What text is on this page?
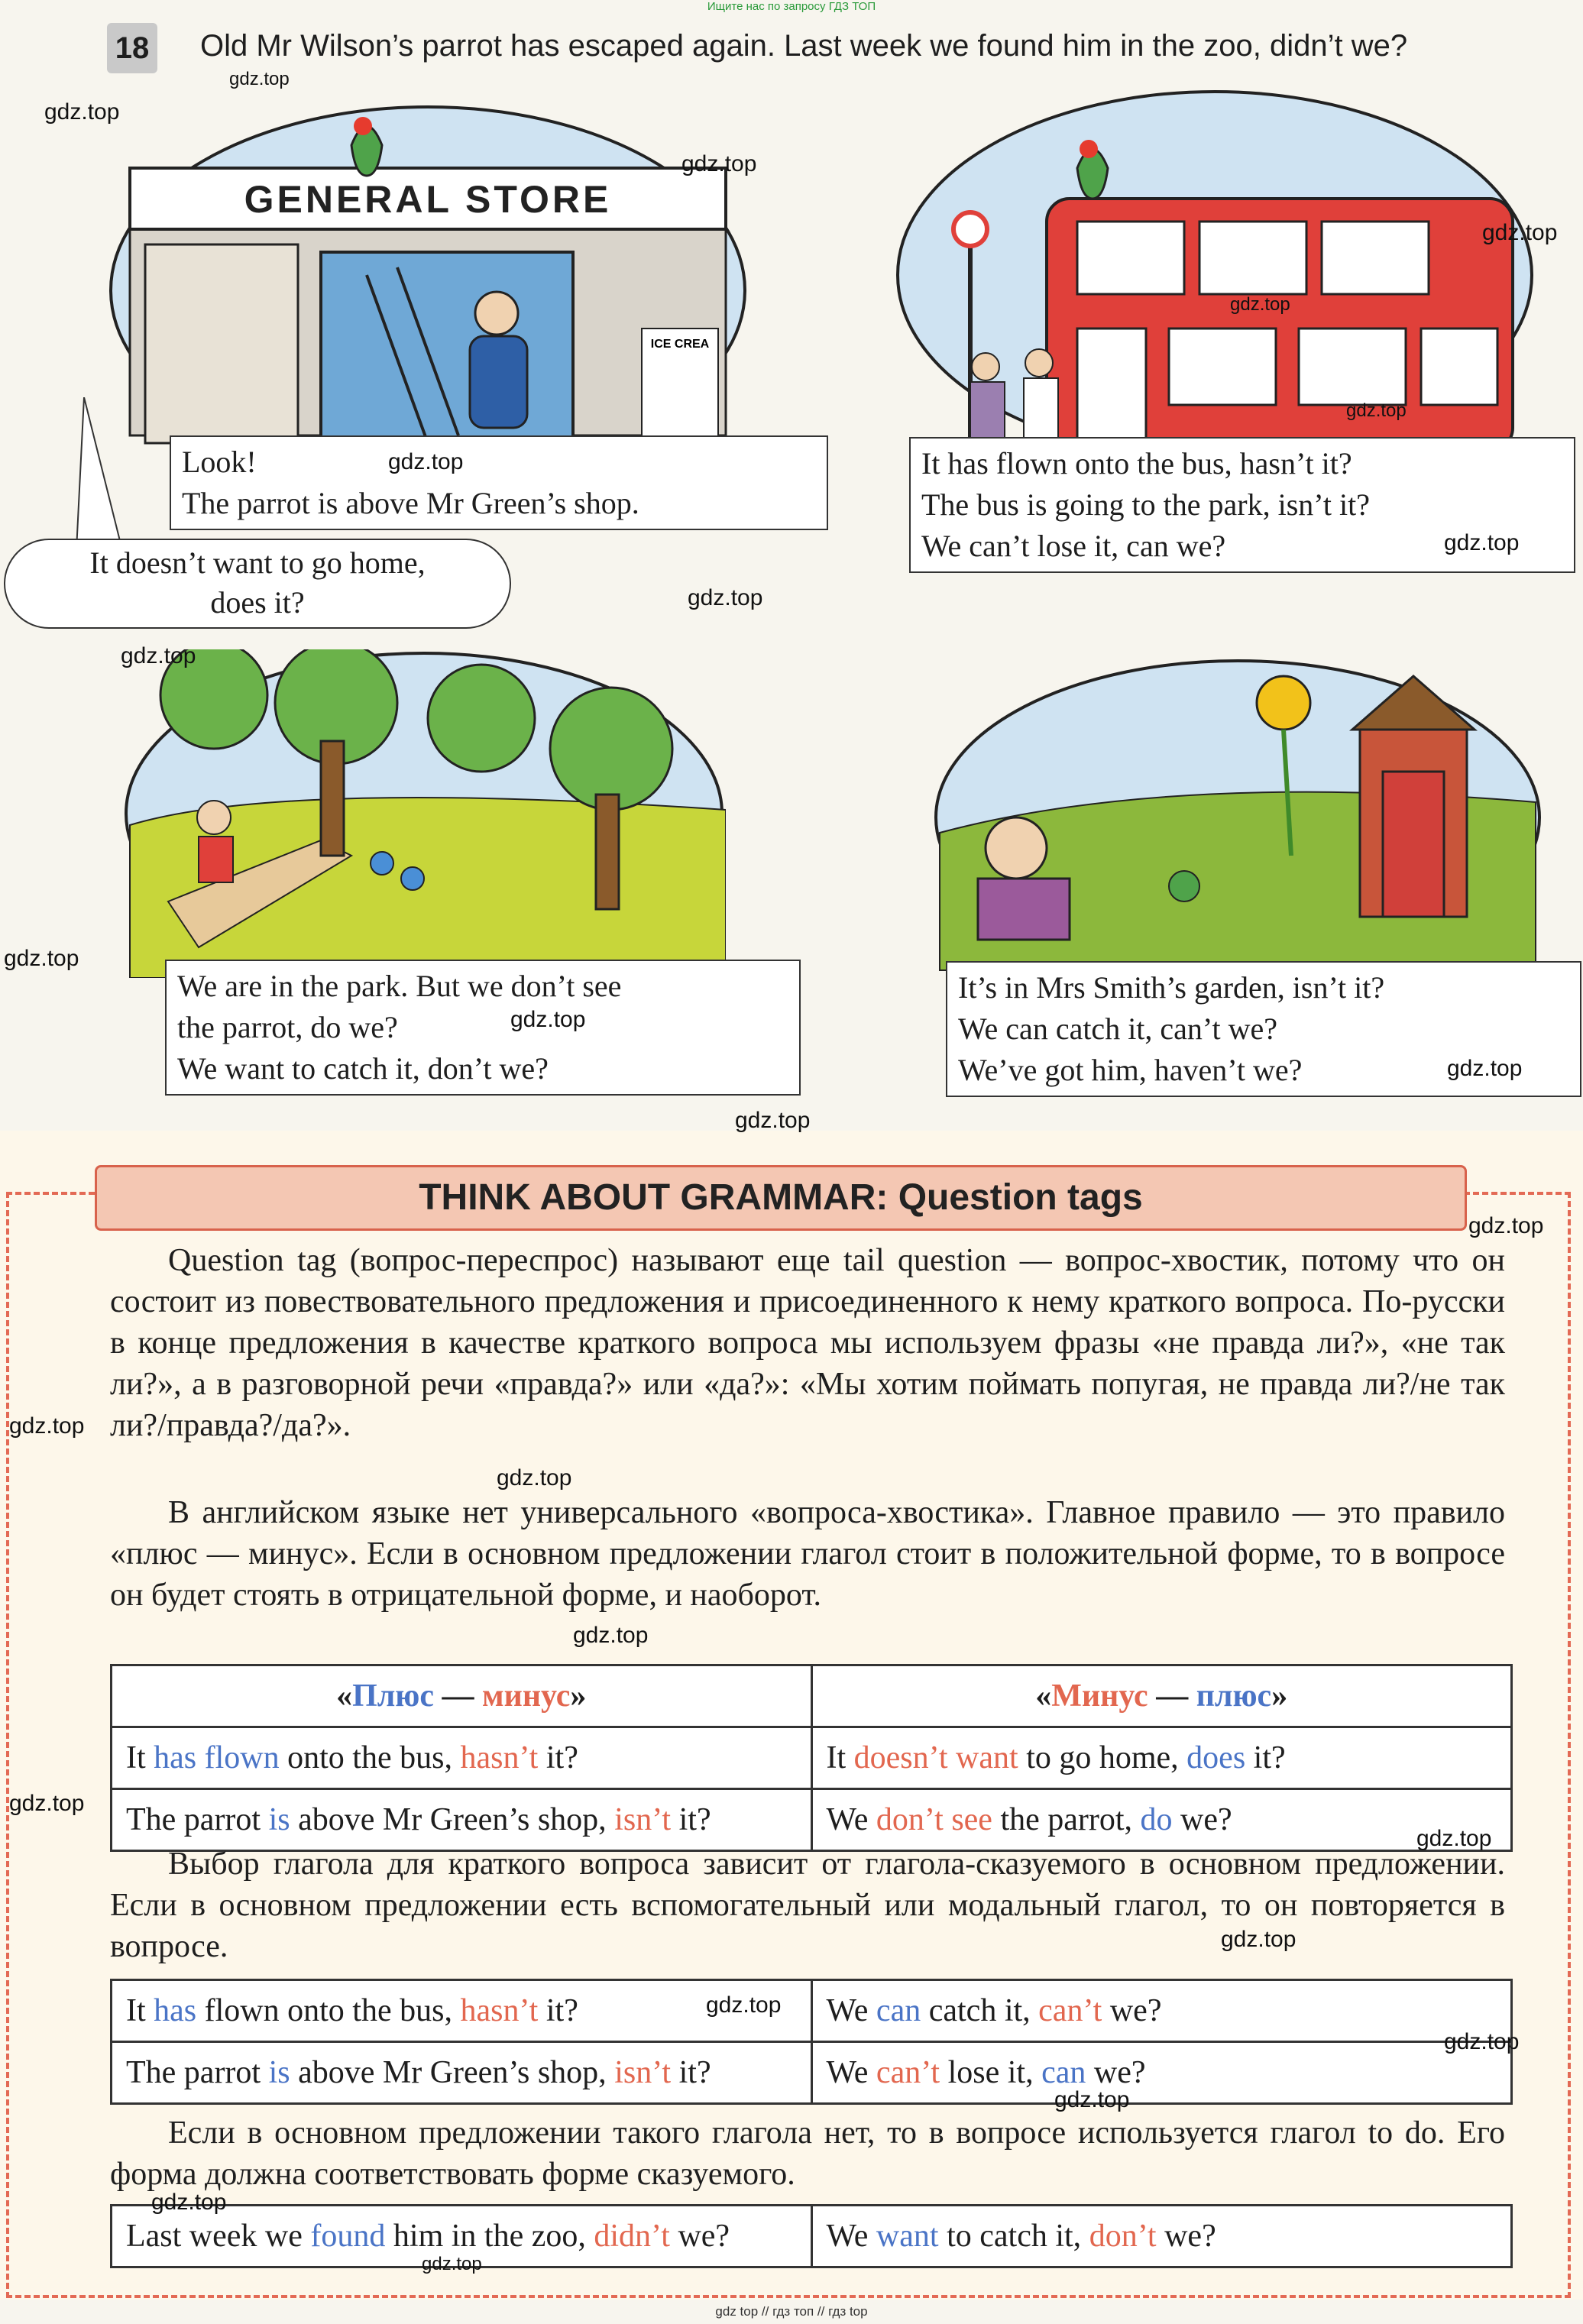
Ищите нас по запросу ГДЗ ТОП
18 Old Mr Wilson’s parrot has escaped again. Last week we found him in the zoo, didn’t we?
GENERAL STORE
ICE CREA
Look!
The parrot is above Mr Green’s shop.
It doesn’t want to go home,
does it?
It has flown onto the bus, hasn’t it?
The bus is going to the park, isn’t it?
We can’t lose it, can we?
We are in the park. But we don’t see
the parrot, do we?
We want to catch it, don’t we?
It’s in Mrs Smith’s garden, isn’t it?
We can catch it, can’t we?
We’ve got him, haven’t we?
THINK ABOUT GRAMMAR: Question tags
Question tag (вопрос-переспрос) называют еще tail question — вопрос-хвостик, потому что он состоит из повествовательного предложения и присоединенного к нему краткого вопроса. По-русски в конце предложения в качестве краткого вопроса мы используем фразы «не правда ли?», «не так ли?», а в разговорной речи «правда?» или «да?»: «Мы хотим поймать попугая, не правда ли?/не так ли?/правда?/да?».
В английском языке нет универсального «вопроса-хвостика». Главное правило — это правило «плюс — минус». Если в основном предложении глагол стоит в положительной форме, то в вопросе он будет стоять в отрицательной форме, и наоборот.
«Плюс — минус»	«Минус — плюс»
It has flown onto the bus, hasn’t it?	It doesn’t want to go home, does it?
The parrot is above Mr Green’s shop, isn’t it?	We don’t see the parrot, do we?
Выбор глагола для краткого вопроса зависит от глагола-сказуемого в основном предложении. Если в основном предложении есть вспомогательный или модальный глагол, то он повторяется в вопросе.
It has flown onto the bus, hasn’t it?	We can catch it, can’t we?
The parrot is above Mr Green’s shop, isn’t it?	We can’t lose it, can we?
Если в основном предложении такого глагола нет, то в вопросе используется глагол to do. Его форма должна соответствовать форме сказуемого.
Last week we found him in the zoo, didn’t we?	We want to catch it, don’t we?
gdz.top
gdz.top
gdz.top
gdz.top
gdz.top
gdz.top
gdz.top
gdz.top
gdz.top
gdz.top
gdz.top
gdz.top
gdz.top
gdz.top
gdz.top
gdz.top
gdz.top
gdz.top
gdz.top
gdz.top
gdz.top
gdz.top
gdz.top
gdz.top
gdz.top
gdz.top
gdz top // гдз топ // гдз top
